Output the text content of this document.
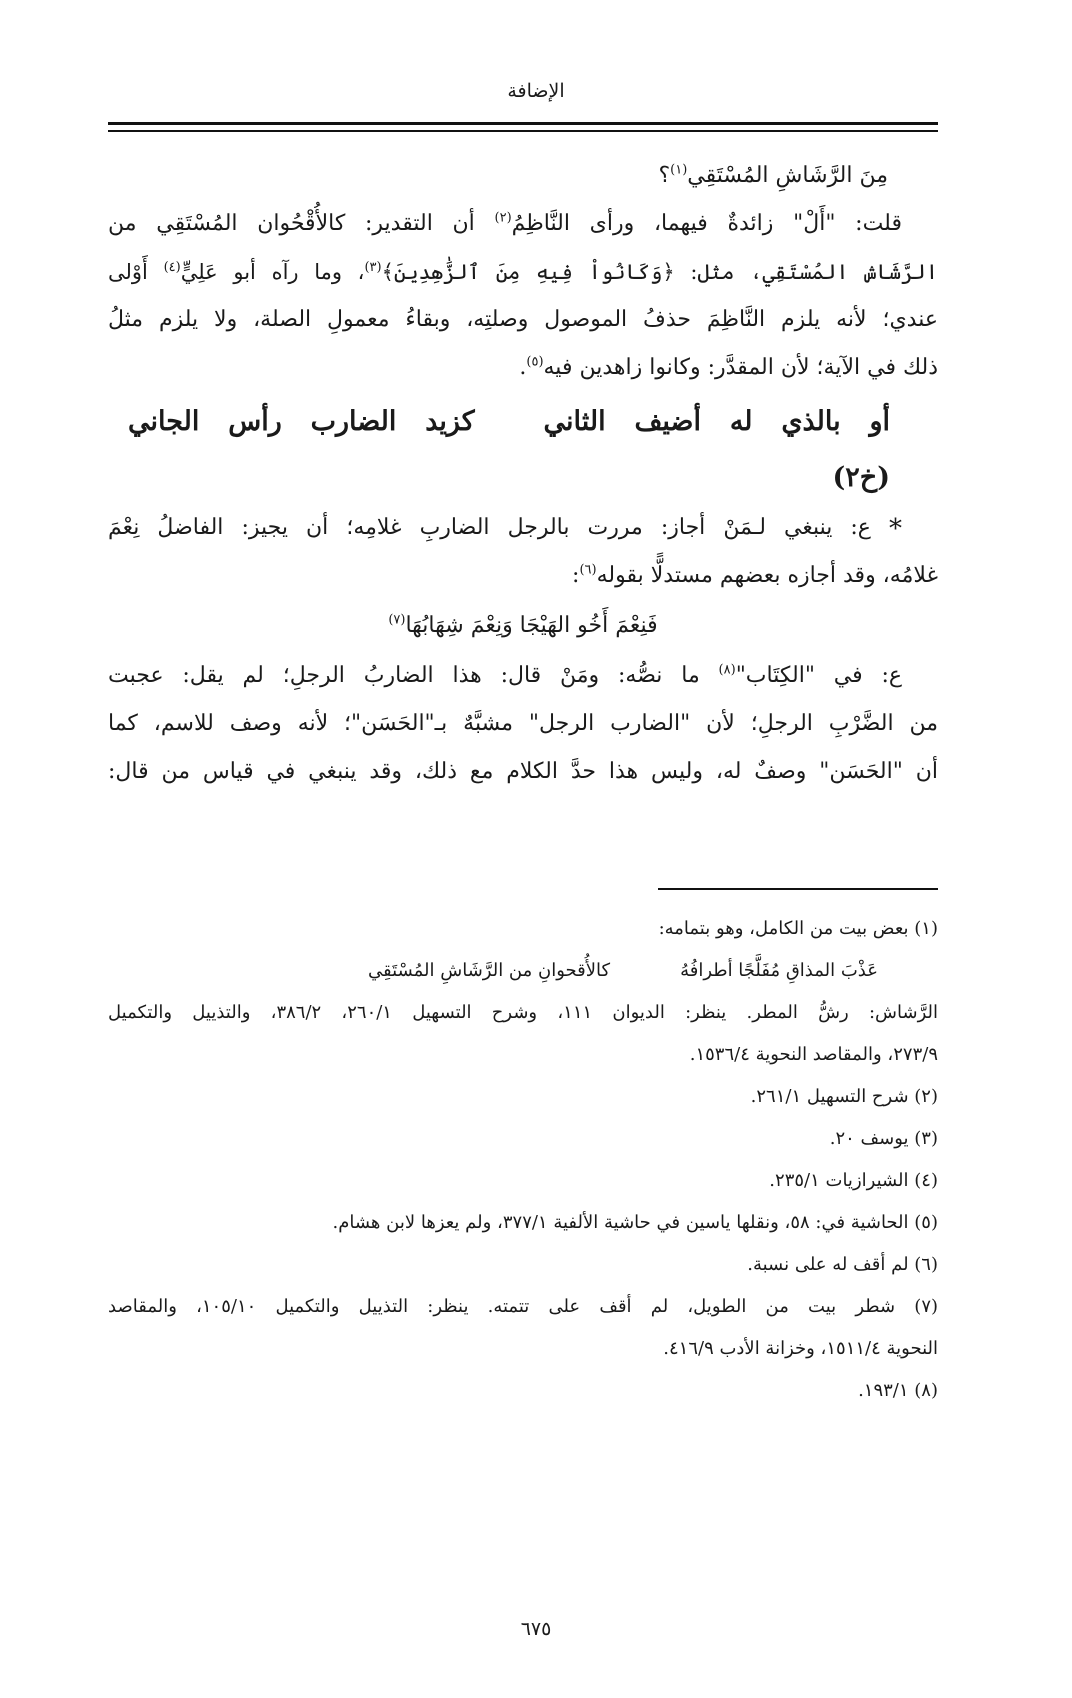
الإضافة
مِنَ الرَّشَاشِ المُسْتَقِي$^{(١)}$؟
قلت: "أَلْ" زائدةٌ فيهما، ورأى النَّاظِمُ$^{(٢)}$ أن التقدير: كالأُقْحُوان المُسْتَقِي من
الرَّشَاش المُسْتَقِي، مثل: ﴿وَكَانُواْ فِيهِ مِنَ ٱلزَّٰهِدِينَ﴾$^{(٣)}$، وما رآه أبو عَلِيٍّ$^{(٤)}$ أَوْلى
عندي؛ لأنه يلزم النَّاظِمَ حذفُ الموصول وصلتِه، وبقاءُ معمولِ الصلة، ولا يلزم مثلُ
ذلك في الآية؛ لأن المقدَّر: وكانوا زاهدين فيه$^{(٥)}$.
أو
بالذي
له
أضيف
الثاني
كزيد
الضارب
رأس
الجاني
(خ٢)
* ع: ينبغي لـمَنْ أجاز: مررت بالرجل الضاربِ غلامِه؛ أن يجيز: الفاضلُ نِعْمَ
غلامُه، وقد أجازه بعضهم مستدلًّا بقوله$^{(٦)}$:
فَنِعْمَ أَخُو الهَيْجَا وَنِعْمَ شِهَابُهَا$^{(٧)}$
ع: في "الكِتَاب"$^{(٨)}$ ما نصُّه: ومَنْ قال: هذا الضاربُ الرجلِ؛ لم يقل: عجبت
من الضَّرْبِ الرجلِ؛ لأن "الضارب الرجل" مشبَّهٌ بـ"الحَسَن"؛ لأنه وصف للاسم، كما
أن "الحَسَن" وصفٌ له، وليس هذا حدَّ الكلام مع ذلك، وقد ينبغي في قياس من قال:
(١) بعض بيت من الكامل، وهو بتمامه:
عَذْبَ المذاقِ مُفَلَّجًا أطرافُهُ
كالأُقحوانِ من الرَّشَاشِ المُسْتَقِي
الرَّشاش: رشُّ المطر. ينظر: الديوان ١١١، وشرح التسهيل ٢٦٠/١، ٣٨٦/٢، والتذييل والتكميل
٢٧٣/٩، والمقاصد النحوية ١٥٣٦/٤.
(٢) شرح التسهيل ٢٦١/١.
(٣) يوسف ٢٠.
(٤) الشيرازيات ٢٣٥/١.
(٥) الحاشية في: ٥٨، ونقلها ياسين في حاشية الألفية ٣٧٧/١، ولم يعزها لابن هشام.
(٦) لم أقف له على نسبة.
(٧) شطر بيت من الطويل، لم أقف على تتمته. ينظر: التذييل والتكميل ١٠٥/١٠، والمقاصد
النحوية ١٥١١/٤، وخزانة الأدب ٤١٦/٩.
(٨) ١٩٣/١.
٦٧٥
